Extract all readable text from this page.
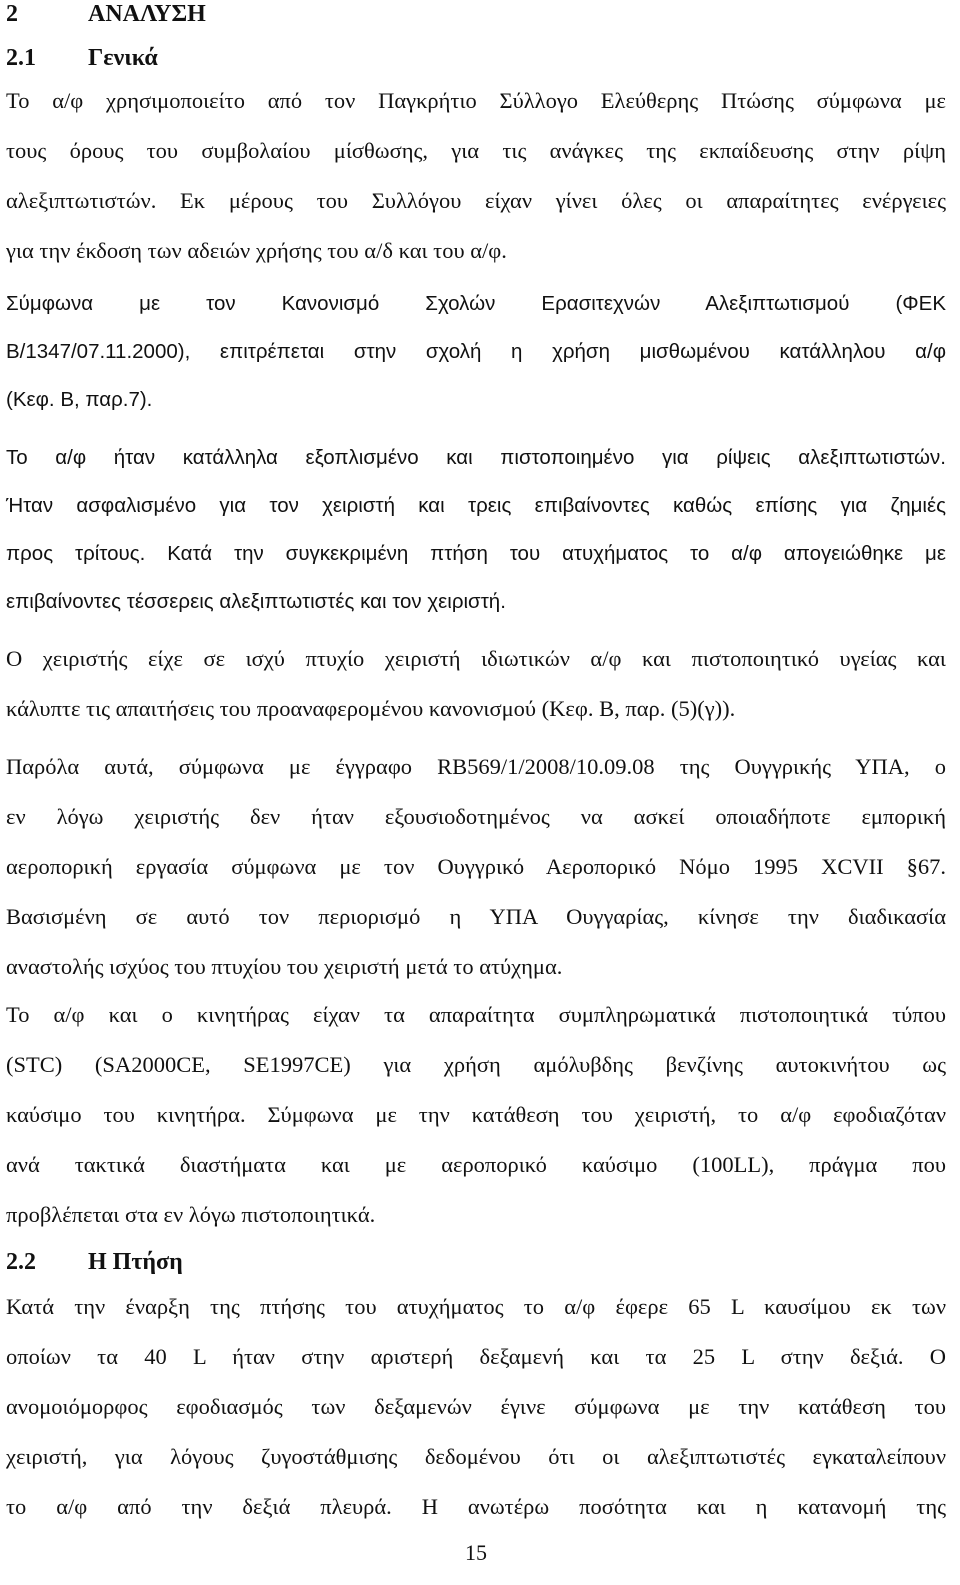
2	ΑΝΑΛΥΣΗ
2.1 Γενικά
Το α/φ χρησιμοποιείτο από τον Παγκρήτιο Σύλλογο Ελεύθερης Πτώσης σύμφωνα με
τους όρους του συμβολαίου μίσθωσης, για τις ανάγκες της εκπαίδευσης στην ρίψη
αλεξιπτωτιστών. Εκ μέρους του Συλλόγου είχαν γίνει όλες οι απαραίτητες ενέργειες
για την έκδοση των αδειών χρήσης του α/δ και του α/φ.
Σύμφωνα με τον Κανονισμό Σχολών Ερασιτεχνών Αλεξιπτωτισμού (ΦΕΚ
Β/1347/07.11.2000), επιτρέπεται στην σχολή η χρήση μισθωμένου κατάλληλου α/φ
(Κεφ. Β, παρ.7).
Το α/φ ήταν κατάλληλα εξοπλισμένο και πιστοποιημένο για ρίψεις αλεξιπτωτιστών.
Ήταν ασφαλισμένο για τον χειριστή και τρεις επιβαίνοντες καθώς επίσης για ζημιές
προς τρίτους. Κατά την συγκεκριμένη πτήση του ατυχήματος το α/φ απογειώθηκε με
επιβαίνοντες τέσσερεις αλεξιπτωτιστές και τον χειριστή.
Ο χειριστής είχε σε ισχύ πτυχίο χειριστή ιδιωτικών α/φ και πιστοποιητικό υγείας και
κάλυπτε τις απαιτήσεις του προαναφερομένου κανονισμού (Κεφ. Β, παρ. (5)(γ)).
Παρόλα αυτά, σύμφωνα με έγγραφο RB569/1/2008/10.09.08 της Ουγγρικής ΥΠΑ, ο
εν λόγω χειριστής δεν ήταν εξουσιοδοτημένος να ασκεί οποιαδήποτε εμπορική
αεροπορική εργασία σύμφωνα με τον Ουγγρικό Αεροπορικό Νόμο 1995 XCVII §67.
Βασισμένη σε αυτό τον περιορισμό η ΥΠΑ Ουγγαρίας, κίνησε την διαδικασία
αναστολής ισχύος του πτυχίου του χειριστή μετά το ατύχημα.
Το α/φ και ο κινητήρας είχαν τα απαραίτητα συμπληρωματικά πιστοποιητικά τύπου
(STC) (SA2000CE, SE1997CE) για χρήση αμόλυβδης βενζίνης αυτοκινήτου ως
καύσιμο του κινητήρα. Σύμφωνα με την κατάθεση του χειριστή, το α/φ εφοδιαζόταν
ανά τακτικά διαστήματα και με αεροπορικό καύσιμο (100LL), πράγμα που
προβλέπεται στα εν λόγω πιστοποιητικά.
2.2 Η Πτήση
Κατά την έναρξη της πτήσης του ατυχήματος το α/φ έφερε 65 L καυσίμου εκ των
οποίων τα 40 L ήταν στην αριστερή δεξαμενή και τα 25 L στην δεξιά. Ο
ανομοιόμορφος εφοδιασμός των δεξαμενών έγινε σύμφωνα με την κατάθεση του
χειριστή, για λόγους ζυγοστάθμισης δεδομένου ότι οι αλεξιπτωτιστές εγκαταλείπουν
το α/φ από την δεξιά πλευρά. Η ανωτέρω ποσότητα και η κατανομή της
15
